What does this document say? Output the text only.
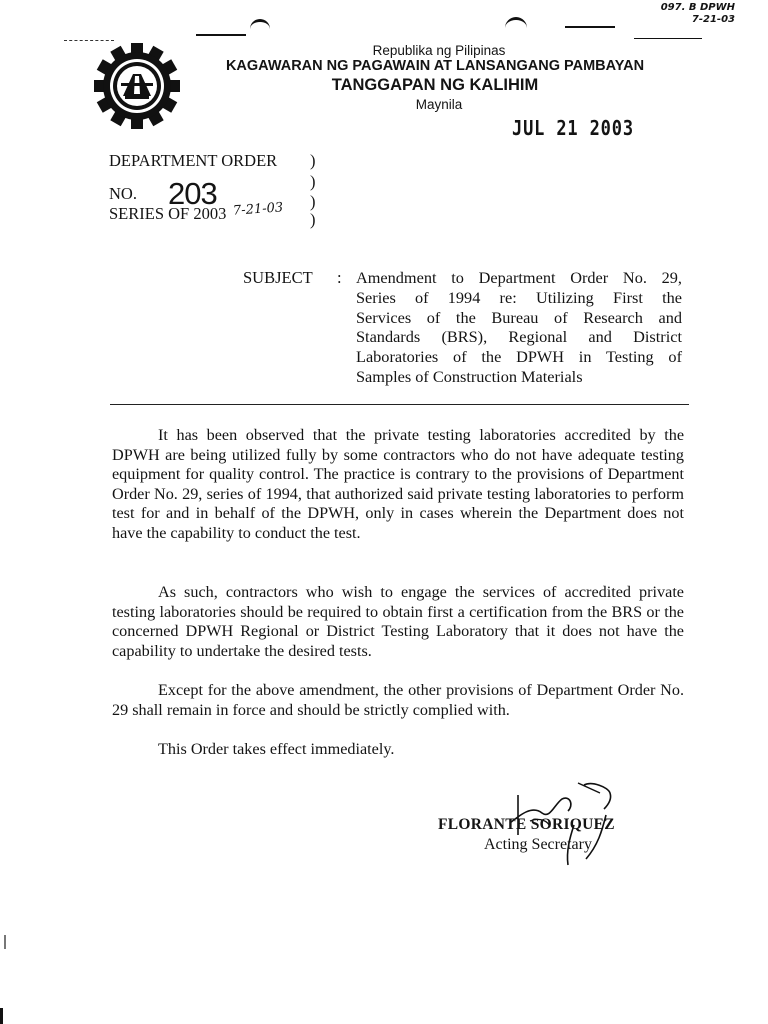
097. B DPWH
7-21-03
Republika ng Pilipinas
KAGAWARAN NG PAGAWAIN AT LANSANGANG PAMBAYAN
TANGGAPAN NG KALIHIM
Maynila
JUL 21 2003
DEPARTMENT ORDER
NO.
SERIES OF 2003
203
)
)
)
)
7-21-03
SUBJECT : Amendment to Department Order No. 29,
Series of 1994 re: Utilizing First the
Services of the Bureau of Research and
Standards (BRS), Regional and District
Laboratories of the DPWH in Testing of
Samples of Construction Materials

It has been observed that the private testing laboratories accredited by the DPWH are being utilized fully by some contractors who do not have adequate testing equipment for quality control. The practice is contrary to the provisions of Department Order No. 29, series of 1994, that authorized said private testing laboratories to perform test for and in behalf of the DPWH, only in cases wherein the Department does not have the capability to conduct the test.

As such, contractors who wish to engage the services of accredited private testing laboratories should be required to obtain first a certification from the BRS or the concerned DPWH Regional or District Testing Laboratory that it does not have the capability to undertake the desired tests.

Except for the above amendment, the other provisions of Department Order No. 29 shall remain in force and should be strictly complied with.

This Order takes effect immediately.

FLORANTE SORIQUEZ
Acting Secretary
